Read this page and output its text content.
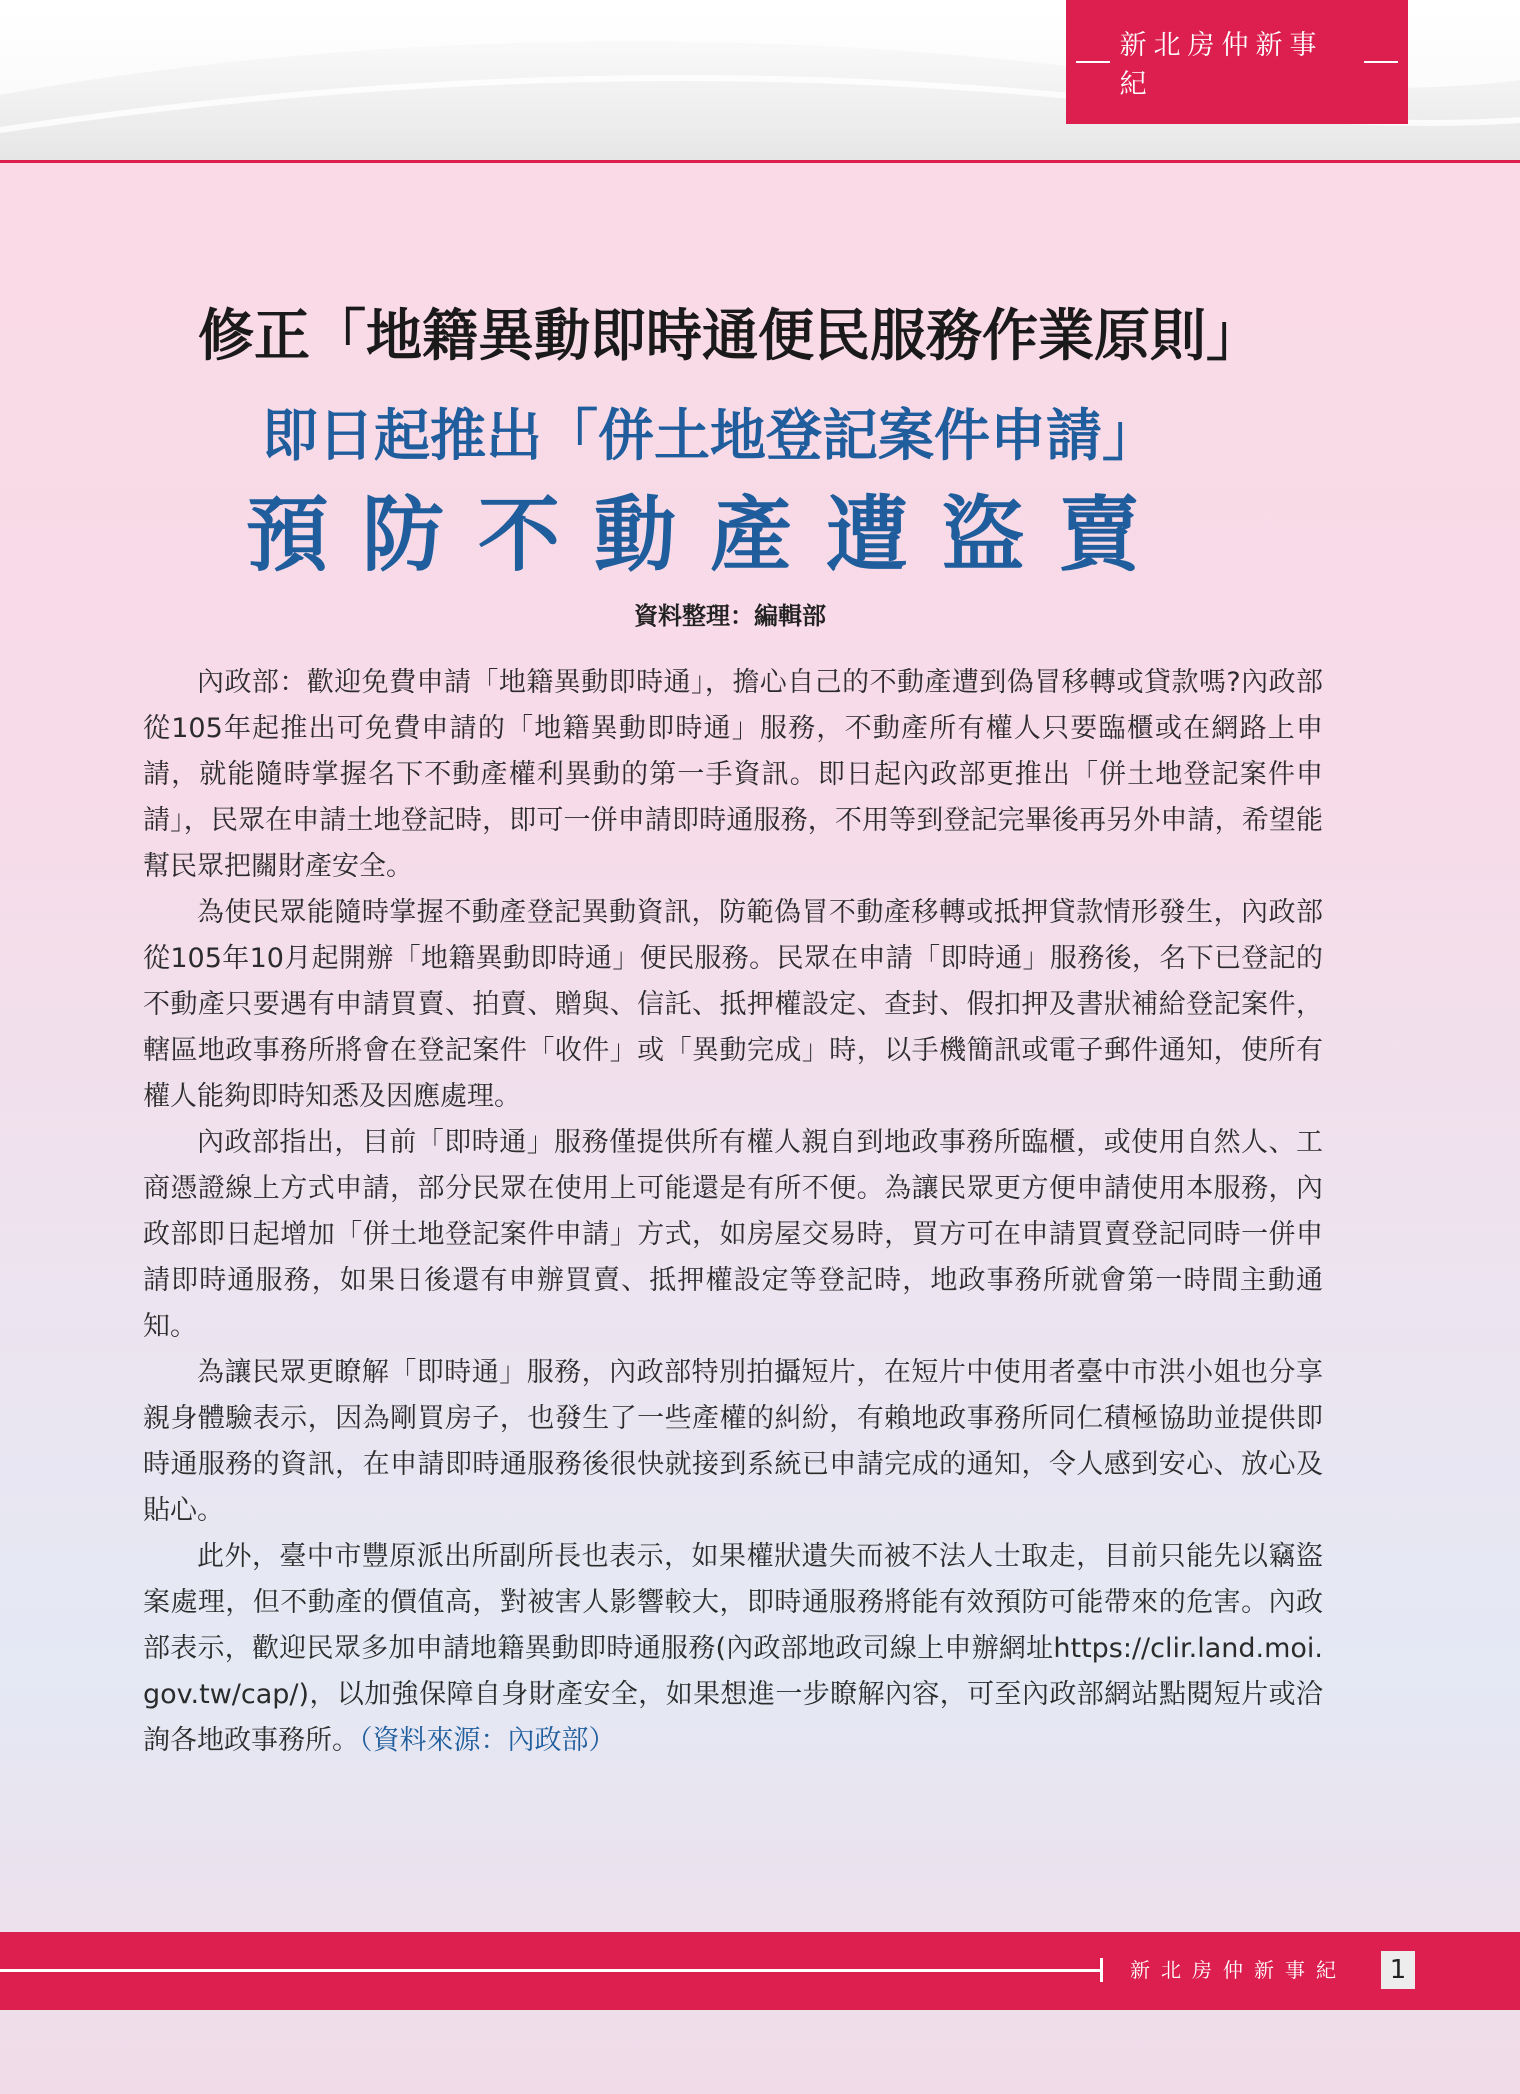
新北房仲新事紀
修正「地籍異動即時通便民服務作業原則」
即日起推出「併土地登記案件申請」
預防不動產遭盜賣
資料整理：編輯部

內政部：歡迎免費申請「地籍異動即時通」，擔心自己的不動產遭到偽冒移轉或貸款嗎?內政部從105年起推出可免費申請的「地籍異動即時通」服務，不動產所有權人只要臨櫃或在網路上申請，就能隨時掌握名下不動產權利異動的第一手資訊。即日起內政部更推出「併土地登記案件申請」，民眾在申請土地登記時，即可一併申請即時通服務，不用等到登記完畢後再另外申請，希望能幫民眾把關財產安全。

為使民眾能隨時掌握不動產登記異動資訊，防範偽冒不動產移轉或抵押貸款情形發生，內政部從105年10月起開辦「地籍異動即時通」便民服務。民眾在申請「即時通」服務後，名下已登記的不動產只要遇有申請買賣、拍賣、贈與、信託、抵押權設定、查封、假扣押及書狀補給登記案件，轄區地政事務所將會在登記案件「收件」或「異動完成」時，以手機簡訊或電子郵件通知，使所有權人能夠即時知悉及因應處理。

內政部指出，目前「即時通」服務僅提供所有權人親自到地政事務所臨櫃，或使用自然人、工商憑證線上方式申請，部分民眾在使用上可能還是有所不便。為讓民眾更方便申請使用本服務，內政部即日起增加「併土地登記案件申請」方式，如房屋交易時，買方可在申請買賣登記同時一併申請即時通服務，如果日後還有申辦買賣、抵押權設定等登記時，地政事務所就會第一時間主動通知。

為讓民眾更瞭解「即時通」服務，內政部特別拍攝短片，在短片中使用者臺中市洪小姐也分享親身體驗表示，因為剛買房子，也發生了一些產權的糾紛，有賴地政事務所同仁積極協助並提供即時通服務的資訊，在申請即時通服務後很快就接到系統已申請完成的通知，令人感到安心、放心及貼心。

此外，臺中市豐原派出所副所長也表示，如果權狀遺失而被不法人士取走，目前只能先以竊盜案處理，但不動產的價值高，對被害人影響較大，即時通服務將能有效預防可能帶來的危害。內政部表示，歡迎民眾多加申請地籍異動即時通服務(內政部地政司線上申辦網址https://clir.land.moi.gov.tw/cap/)，以加強保障自身財產安全，如果想進一步瞭解內容，可至內政部網站點閱短片或洽詢各地政事務所。（資料來源：內政部）

新北房仲新事紀	1
